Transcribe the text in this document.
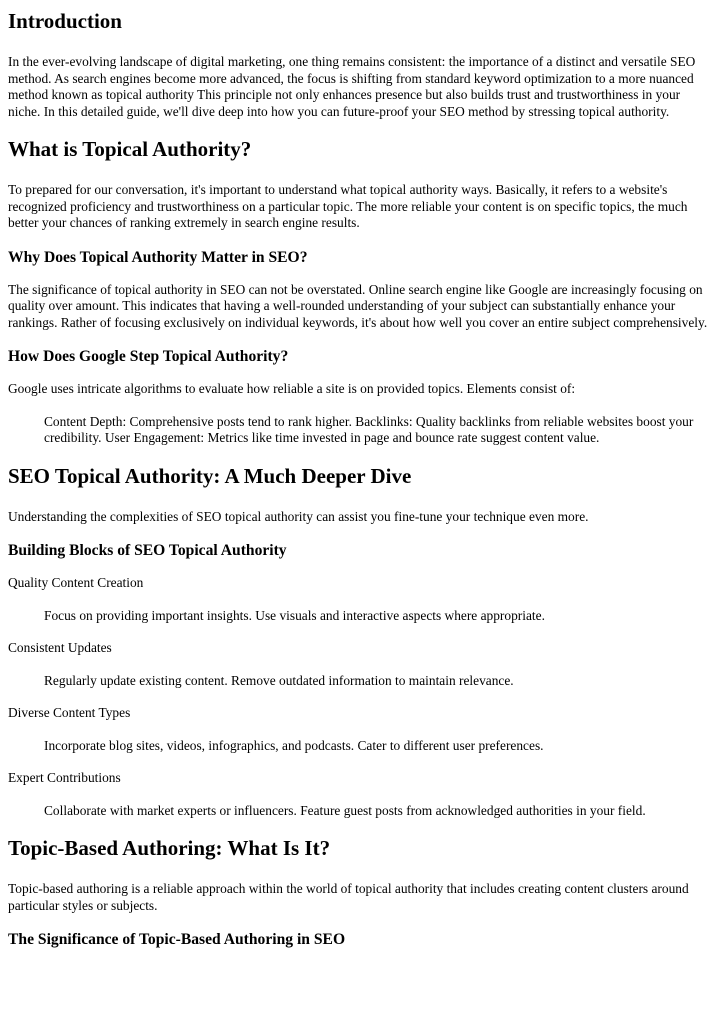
Introduction

In the ever-evolving landscape of digital marketing, one thing remains consistent: the importance of a distinct and versatile SEO method. As search engines become more advanced, the focus is shifting from standard keyword optimization to a more nuanced method known as topical authority This principle not only enhances presence but also builds trust and trustworthiness in your niche. In this detailed guide, we'll dive deep into how you can future-proof your SEO method by stressing topical authority.

What is Topical Authority?

To prepared for our conversation, it's important to understand what topical authority ways. Basically, it refers to a website's recognized proficiency and trustworthiness on a particular topic. The more reliable your content is on specific topics, the much better your chances of ranking extremely in search engine results.

Why Does Topical Authority Matter in SEO?

The significance of topical authority in SEO can not be overstated. Online search engine like Google are increasingly focusing on quality over amount. This indicates that having a well-rounded understanding of your subject can substantially enhance your rankings. Rather of focusing exclusively on individual keywords, it's about how well you cover an entire subject comprehensively.

How Does Google Step Topical Authority?

Google uses intricate algorithms to evaluate how reliable a site is on provided topics. Elements consist of:

Content Depth: Comprehensive posts tend to rank higher. Backlinks: Quality backlinks from reliable websites boost your credibility. User Engagement: Metrics like time invested in page and bounce rate suggest content value.
SEO Topical Authority: A Much Deeper Dive

Understanding the complexities of SEO topical authority can assist you fine-tune your technique even more.

Building Blocks of SEO Topical Authority

Quality Content Creation

Focus on providing important insights. Use visuals and interactive aspects where appropriate.

Consistent Updates

Regularly update existing content. Remove outdated information to maintain relevance.

Diverse Content Types

Incorporate blog sites, videos, infographics, and podcasts. Cater to different user preferences.

Expert Contributions

Collaborate with market experts or influencers. Feature guest posts from acknowledged authorities in your field.
Topic-Based Authoring: What Is It?

Topic-based authoring is a reliable approach within the world of topical authority that includes creating content clusters around particular styles or subjects.

The Significance of Topic-Based Authoring in SEO
